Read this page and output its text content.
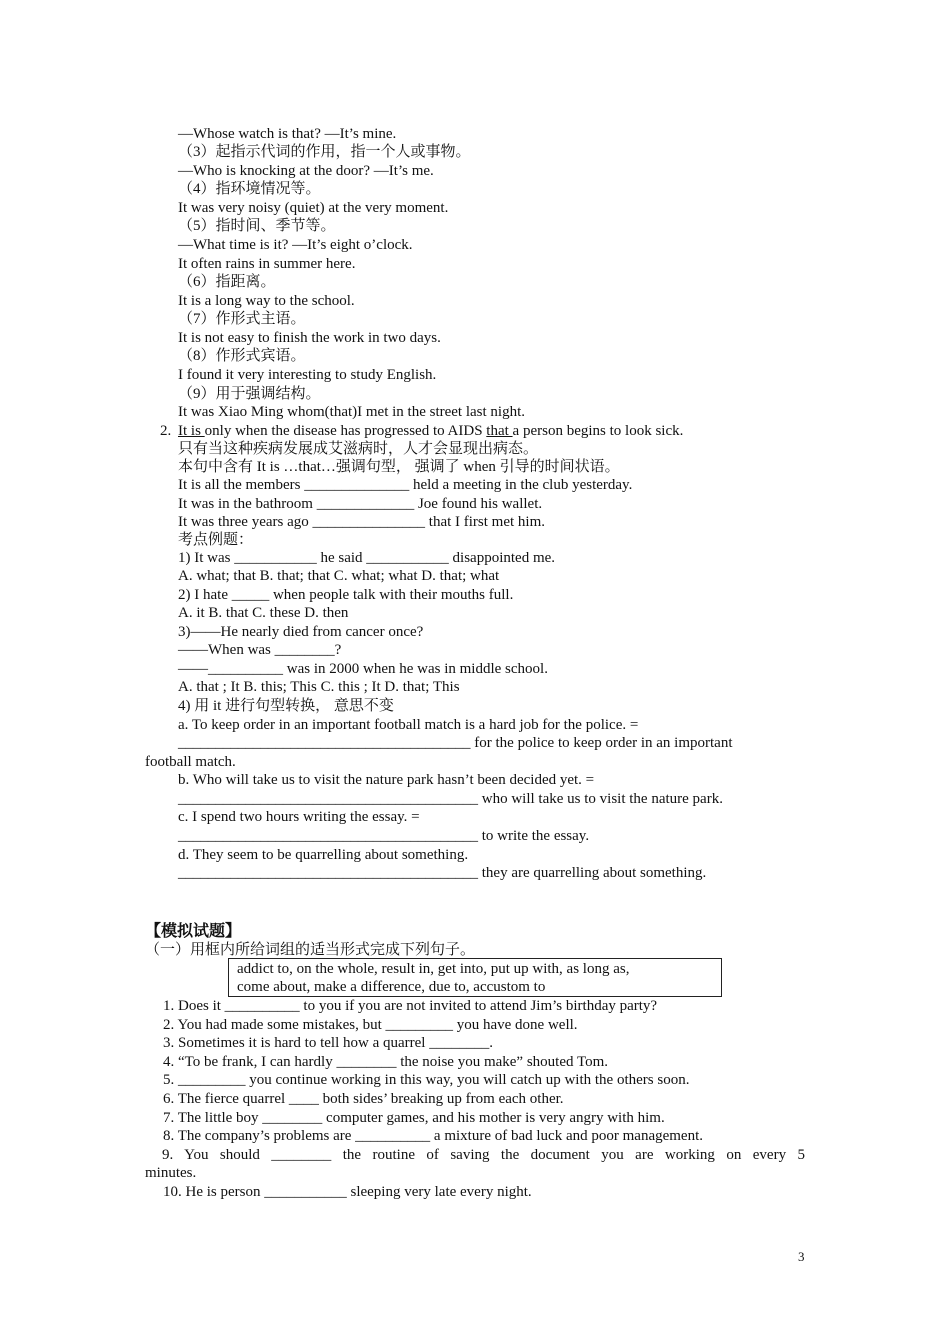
—Whose watch is that? —It’s mine.
（3）起指示代词的作用，指一个人或事物。
—Who is knocking at the door? —It’s me.
（4）指环境情况等。
It was very noisy (quiet) at the very moment.
（5）指时间、季节等。
—What time is it? —It’s eight o’clock.
It often rains in summer here.
（6）指距离。
It is a long way to the school.
（7）作形式主语。
It is not easy to finish the work in two days.
（8）作形式宾语。
I found it very interesting to study English.
（9）用于强调结构。
It was Xiao Ming whom(that)I met in the street last night.
2. It is only when the disease has progressed to AIDS that a person begins to look sick.
只有当这种疾病发展成艾滋病时，人才会显现出病态。
本句中含有 It is …that…强调句型， 强调了 when 引导的时间状语。
It is all the members ______________ held a meeting in the club yesterday.
It was in the bathroom _____________ Joe found his wallet.
It was three years ago _______________ that I first met him.
考点例题：
1) It was ___________ he said ___________ disappointed me.
A. what; that B. that; that C. what; what D. that; what
2) I hate _____ when people talk with their mouths full.
A. it B. that C. these D. then
3)——He nearly died from cancer once?
——When was ________?
——__________ was in 2000 when he was in middle school.
A. that ; It B. this; This C. this ; It D. that; This
4) 用 it 进行句型转换， 意思不变
a. To keep order in an important football match is a hard job for the police. =
_______________________________________ for the police to keep order in an important
football match.
b. Who will take us to visit the nature park hasn’t been decided yet. =
________________________________________ who will take us to visit the nature park.
c. I spend two hours writing the essay. =
________________________________________ to write the essay.
d. They seem to be quarrelling about something.
________________________________________ they are quarrelling about something.
【模拟试题】
（一）用框内所给词组的适当形式完成下列句子。
addict to, on the whole, result in, get into, put up with, as long as,
come about, make a difference, due to, accustom to
1. Does it __________ to you if you are not invited to attend Jim’s birthday party?
2. You had made some mistakes, but _________ you have done well.
3. Sometimes it is hard to tell how a quarrel ________.
4. “To be frank, I can hardly ________ the noise you make” shouted Tom.
5. _________ you continue working in this way, you will catch up with the others soon.
6. The fierce quarrel ____ both sides’ breaking up from each other.
7. The little boy ________ computer games, and his mother is very angry with him.
8. The company’s problems are __________ a mixture of bad luck and poor management.
9. You should ________ the routine of saving the document you are working on every 5
minutes.
10. He is person ___________ sleeping very late every night.
3
